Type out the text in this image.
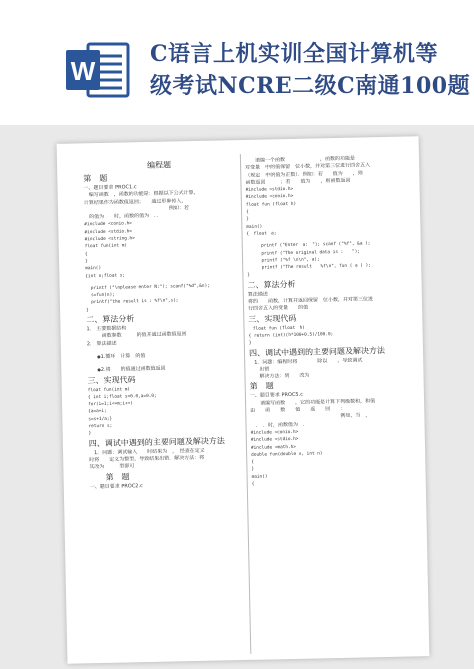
W
C语言上机实训全国计算机等
级考试NCRE二级C南通100题
编程题
第　题
一、题目要求 PROC1.c
　编写函数　，函数的功能是：根据以下公式计算，
计算结果作为函数值返回；　　通过形参传入，
　　　　　　　　　　　　　　　　　例如：若
　的值为　　时，函数的值为　．．
#include <conio.h>
#include <stdio.h>
#include <string.h>
float fun(int m)
{
}
main()
{int n;float s;
printf ("\nplease enter N:"); scanf("%d",&n);
s=fun(n);
printf("the result is : %f\n",s);
}
二、算法分析
1.　主要数据结构
　函数参数　　　的值并通过函数值返回
2.　算法描述
● 1.循环　计算　的值
● 2.将　　的值通过函数值返回
三、实现代码
float fun(int m)
{ int i;float s=0.0,a=0.0;
for(i=1;i<=m;i++)
{a=a+i;
s=s+1/a;}
return s;
}
四、调试中遇到的主要问题及解决方法
　1．问题：调试输入　　时结果为　，　经查在定义
时将　　定义为整型，导致结果出错．解决方法：将
其改为　　　型即可
　　第　题
一、题目要求 PROC2.c
　　请编一个函数　　　　　　　，函数的功能是
对变量　中的值保留　位小数，并对第三位进行四舍五入
（规定　中的值为正数）．例如：若　　值为　　，则
函数返回　　　；若　　值为　　，则函数返回
#include <stdio.h>
#include <conio.h>
float fun (float h)
{
}
main()
{　float　a;
　printf ("Enter　a:　"); scanf ("%f", &a );
　printf ("The original data is :　　");
　printf ("%f \n\n", a);
　printf ("The result　　%f\n", fun ( a ) );
}
二、算法分析
算法描述
将的　　函数，计算并返回保留　位小数，并对第三位进
行四舍五入的变量　　的值
三、实现代码
　float fun (float　h)
{ return (int)(h*100+0.5)/100.0;
}
四、调试中遇到的主要问题及解决方法
　1．问题：编程时将　　　　除以　　，导致调试
　　出错
　　解决方法：到　　改为
第　题
一、题目要求 PROC5.c
　　请编写函数　　，它的功能是计算下列级数和，和值
由　　函　　数　　值　　返　　回　　：
　　　　　　　　　　　　　　　　　　例如，当　，
　．　．时，函数值为　．
#include <conio.h>
#include <stdio.h>
#include <math.h>
double fun(double x, int n)
{
}
main()
{
